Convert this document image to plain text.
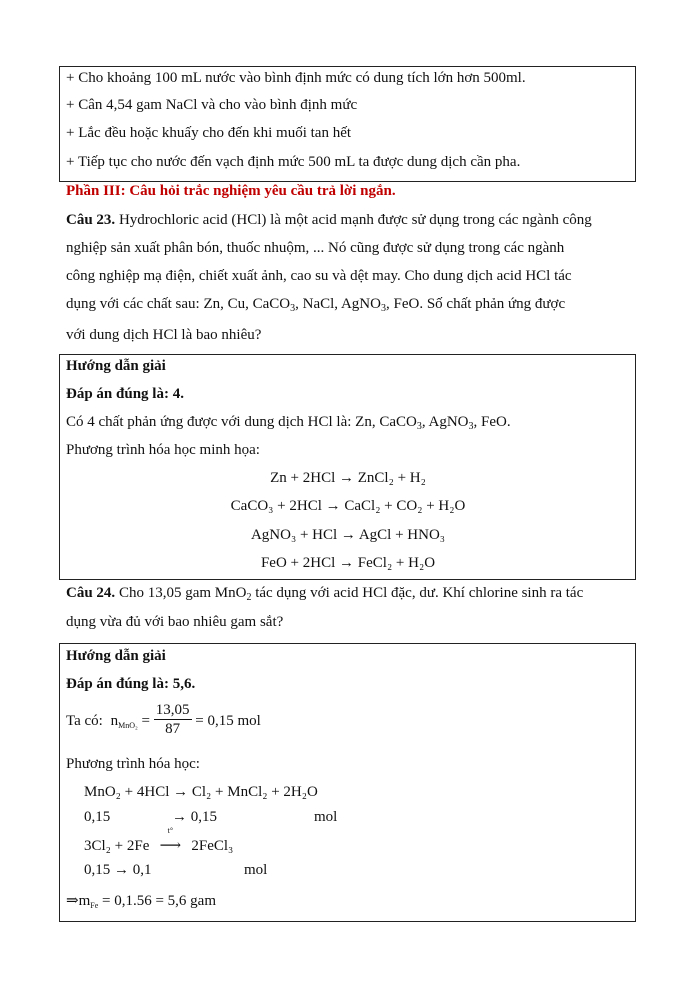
+ Cho khoảng 100 mL nước vào bình định mức có dung tích lớn hơn 500ml.
+ Cân 4,54 gam NaCl và cho vào bình định mức
+ Lắc đều hoặc khuấy cho đến khi muối tan hết
+ Tiếp tục cho nước đến vạch định mức 500 mL ta được dung dịch cần pha.
Phần III: Câu hỏi trắc nghiệm yêu cầu trả lời ngắn.
Câu 23. Hydrochloric acid (HCl) là một acid mạnh được sử dụng trong các ngành công
nghiệp sản xuất phân bón, thuốc nhuộm, ... Nó cũng được sử dụng trong các ngành
công nghiệp mạ điện, chiết xuất ảnh, cao su và dệt may. Cho dung dịch acid HCl tác
dụng với các chất sau: Zn, Cu, CaCO$_3$, NaCl, AgNO$_3$, FeO. Số chất phản ứng được
với dung dịch HCl là bao nhiêu?
Hướng dẫn giải
Đáp án đúng là: 4.
Có 4 chất phản ứng được với dung dịch HCl là: Zn, CaCO$_3$, AgNO$_3$, FeO.
Phương trình hóa học minh họa:
Zn + 2HCl → ZnCl₂ + H₂
CaCO₃ + 2HCl → CaCl₂ + CO₂ + H₂O
AgNO₃ + HCl → AgCl + HNO₃
FeO + 2HCl → FeCl₂ + H₂O
Câu 24. Cho 13,05 gam MnO$_2$ tác dụng với acid HCl đặc, dư. Khí chlorine sinh ra tác
dụng vừa đủ với bao nhiêu gam sắt?
Hướng dẫn giải
Đáp án đúng là: 5,6.
Ta có: $n_{MnO_2} = \frac{13,05}{87} = 0,15$ mol
Phương trình hóa học:
MnO₂ + 4HCl → Cl₂ + MnCl₂ + 2H₂O
0,15	→ 0,15	mol
3Cl₂ + 2Fe
t°
⟶ 2FeCl₃
0,15 → 0,1	mol
$\Rightarrow m_{Fe} = 0,1.56 = 5,6$ gam
